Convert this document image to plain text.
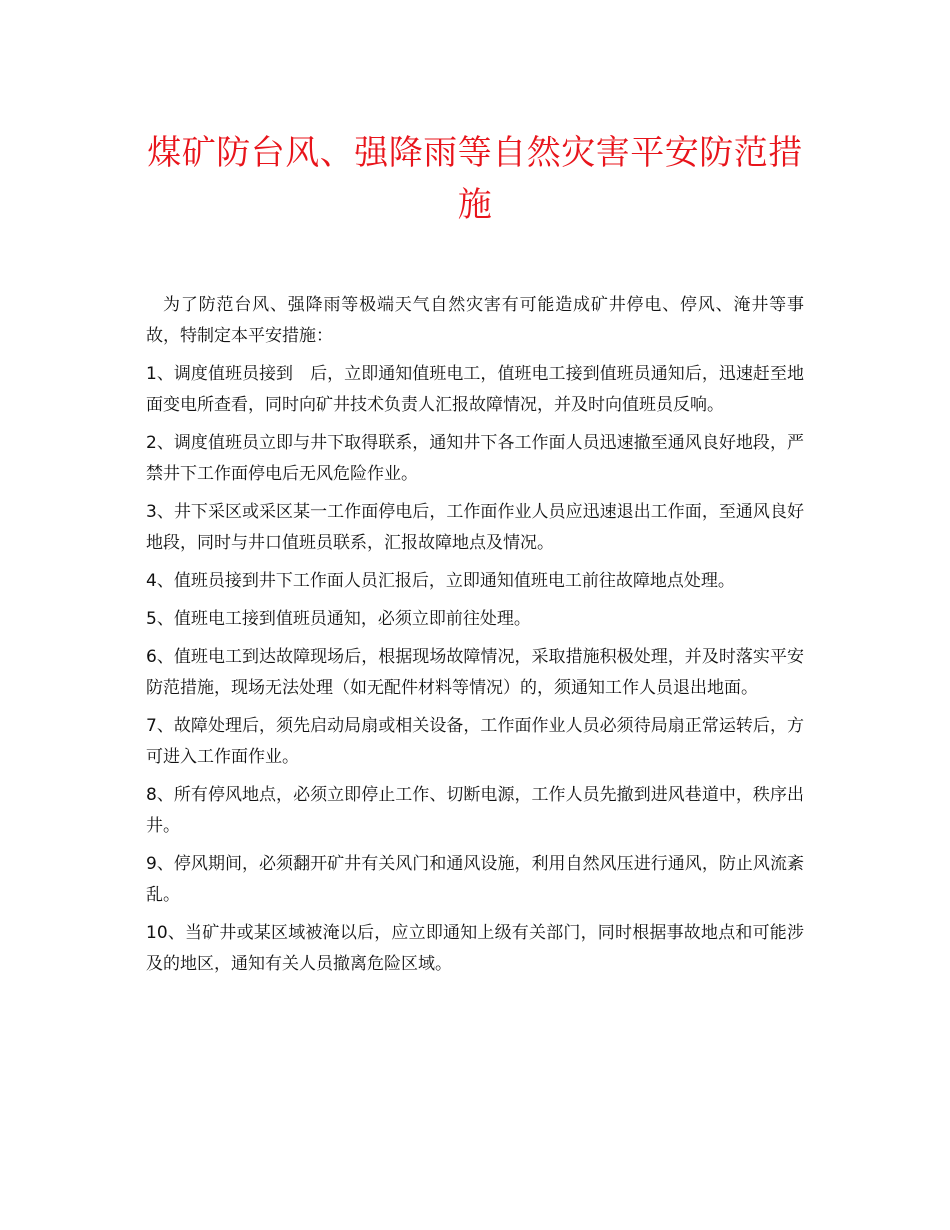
煤矿防台风、强降雨等自然灾害平安防范措施

为了防范台风、强降雨等极端天气自然灾害有可能造成矿井停电、停风、淹井等事故，特制定本平安措施：

1、调度值班员接到　后，立即通知值班电工，值班电工接到值班员通知后，迅速赶至地面变电所查看，同时向矿井技术负责人汇报故障情况，并及时向值班员反响。

2、调度值班员立即与井下取得联系，通知井下各工作面人员迅速撤至通风良好地段，严禁井下工作面停电后无风危险作业。

3、井下采区或采区某一工作面停电后，工作面作业人员应迅速退出工作面，至通风良好地段，同时与井口值班员联系，汇报故障地点及情况。

4、值班员接到井下工作面人员汇报后，立即通知值班电工前往故障地点处理。

5、值班电工接到值班员通知，必须立即前往处理。

6、值班电工到达故障现场后，根据现场故障情况，采取措施积极处理，并及时落实平安防范措施，现场无法处理（如无配件材料等情况）的，须通知工作人员退出地面。

7、故障处理后，须先启动局扇或相关设备，工作面作业人员必须待局扇正常运转后，方可进入工作面作业。

8、所有停风地点，必须立即停止工作、切断电源，工作人员先撤到进风巷道中，秩序出井。

9、停风期间，必须翻开矿井有关风门和通风设施，利用自然风压进行通风，防止风流紊乱。

10、当矿井或某区域被淹以后，应立即通知上级有关部门，同时根据事故地点和可能涉及的地区，通知有关人员撤离危险区域。
